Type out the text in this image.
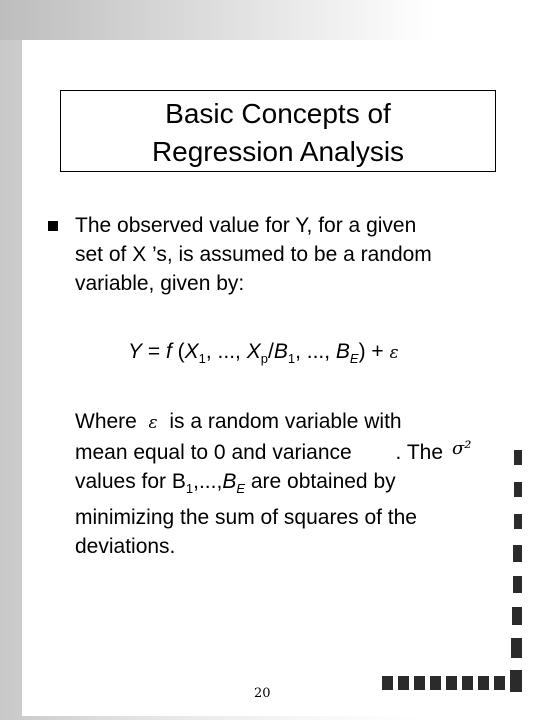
Basic Concepts of
Regression Analysis
The observed value for Y, for a given
set of X ’s, is assumed to be a random
variable, given by:
Y = f ($X_1$, ..., $X_p/B_1$, ..., $B_E) + \varepsilon$
Where ε is a random variable with
mean equal to 0 and variance . The
values for $B_1,...,B_E$ are obtained by
minimizing the sum of squares of the
deviations.
σ²
20
